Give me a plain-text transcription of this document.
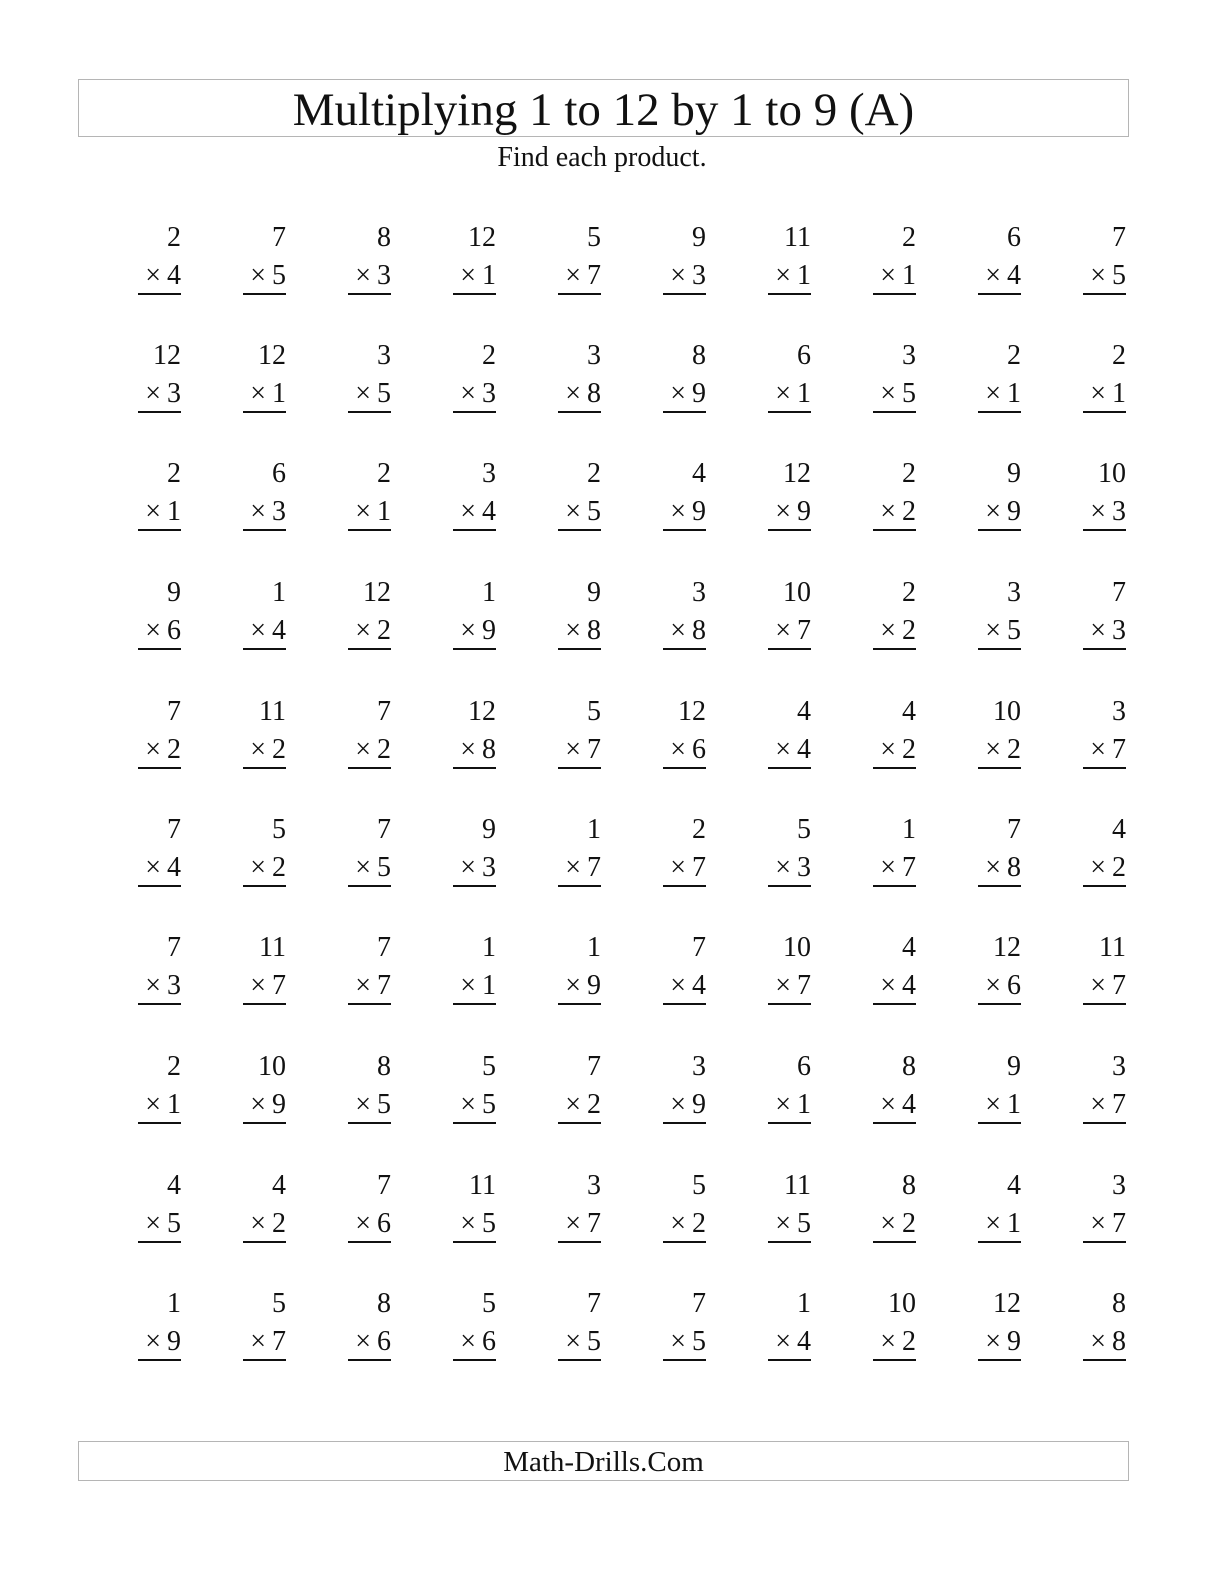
Multiplying 1 to 12 by 1 to 9 (A)
Find each product.
2
× 4
7
× 5
8
× 3
12
× 1
5
× 7
9
× 3
11
× 1
2
× 1
6
× 4
7
× 5
12
× 3
12
× 1
3
× 5
2
× 3
3
× 8
8
× 9
6
× 1
3
× 5
2
× 1
2
× 1
2
× 1
6
× 3
2
× 1
3
× 4
2
× 5
4
× 9
12
× 9
2
× 2
9
× 9
10
× 3
9
× 6
1
× 4
12
× 2
1
× 9
9
× 8
3
× 8
10
× 7
2
× 2
3
× 5
7
× 3
7
× 2
11
× 2
7
× 2
12
× 8
5
× 7
12
× 6
4
× 4
4
× 2
10
× 2
3
× 7
7
× 4
5
× 2
7
× 5
9
× 3
1
× 7
2
× 7
5
× 3
1
× 7
7
× 8
4
× 2
7
× 3
11
× 7
7
× 7
1
× 1
1
× 9
7
× 4
10
× 7
4
× 4
12
× 6
11
× 7
2
× 1
10
× 9
8
× 5
5
× 5
7
× 2
3
× 9
6
× 1
8
× 4
9
× 1
3
× 7
4
× 5
4
× 2
7
× 6
11
× 5
3
× 7
5
× 2
11
× 5
8
× 2
4
× 1
3
× 7
1
× 9
5
× 7
8
× 6
5
× 6
7
× 5
7
× 5
1
× 4
10
× 2
12
× 9
8
× 8
Math-Drills.Com
